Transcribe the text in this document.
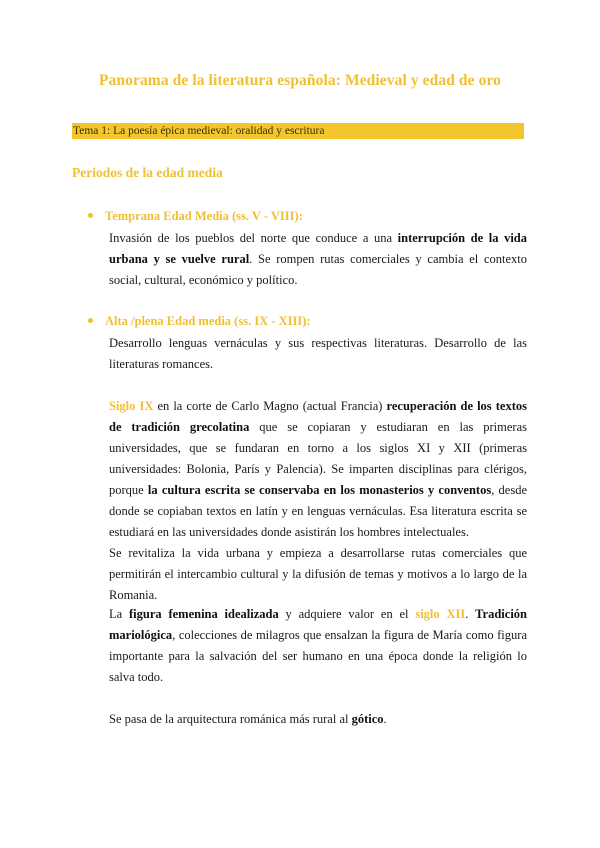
Panorama de la literatura española: Medieval y edad de oro
Tema 1: La poesía épica medieval: oralidad y escritura
Periodos de la edad media
Temprana Edad Media (ss. V - VIII):
Invasión de los pueblos del norte que conduce a una interrupción de la vida urbana y se vuelve rural. Se rompen rutas comerciales y cambia el contexto social, cultural, económico y político.
Alta /plena Edad media (ss. IX - XIII):
Desarrollo lenguas vernáculas y sus respectivas literaturas. Desarrollo de las literaturas romances.
Siglo IX en la corte de Carlo Magno (actual Francia) recuperación de los textos de tradición grecolatina que se copiaran y estudiaran en las primeras universidades, que se fundaran en torno a los siglos XI y XII (primeras universidades: Bolonia, París y Palencia). Se imparten disciplinas para clérigos, porque la cultura escrita se conservaba en los monasterios y conventos, desde donde se copiaban textos en latín y en lenguas vernáculas. Esa literatura escrita se estudiará en las universidades donde asistirán los hombres intelectuales.
Se revitaliza la vida urbana y empieza a desarrollarse rutas comerciales que permitirán el intercambio cultural y la difusión de temas y motivos a lo largo de la Romania.
La figura femenina idealizada y adquiere valor en el siglo XII. Tradición mariológica, colecciones de milagros que ensalzan la figura de María como figura importante para la salvación del ser humano en una época donde la religión lo salva todo.
Se pasa de la arquitectura románica más rural al gótico.
